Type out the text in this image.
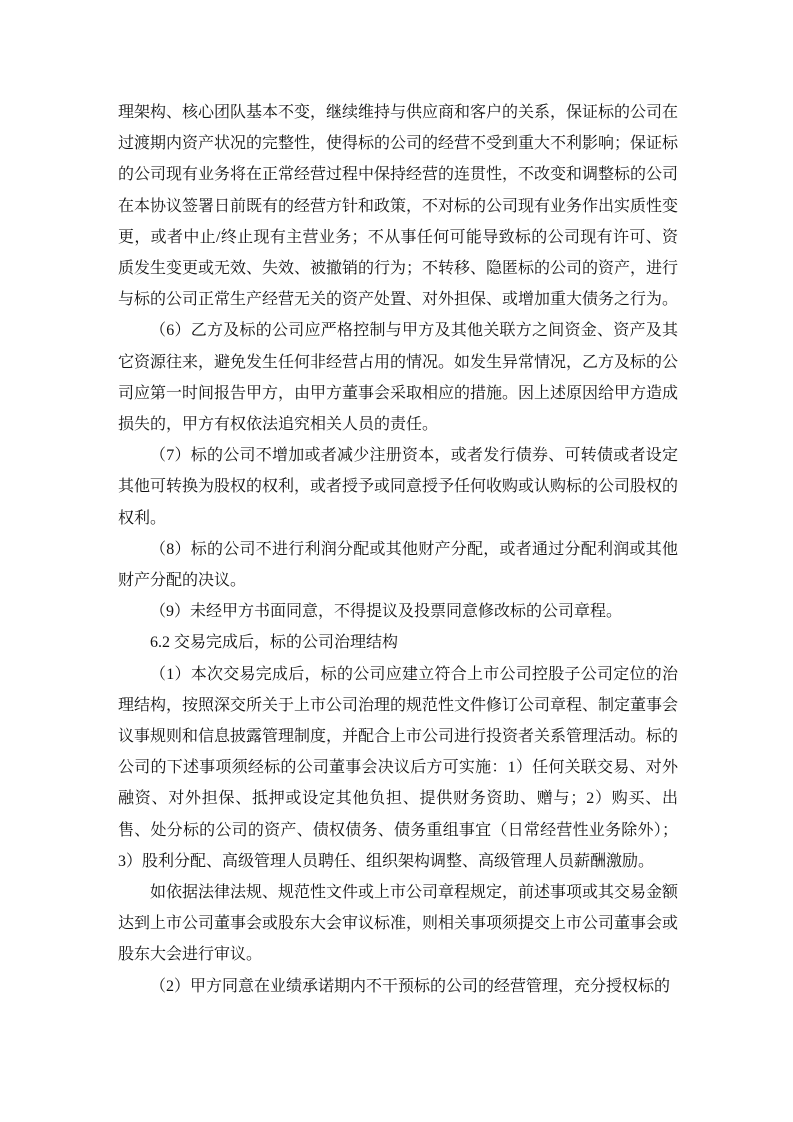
理架构、核心团队基本不变，继续维持与供应商和客户的关系，保证标的公司在过渡期内资产状况的完整性，使得标的公司的经营不受到重大不利影响；保证标的公司现有业务将在正常经营过程中保持经营的连贯性，不改变和调整标的公司在本协议签署日前既有的经营方针和政策，不对标的公司现有业务作出实质性变更，或者中止/终止现有主营业务；不从事任何可能导致标的公司现有许可、资质发生变更或无效、失效、被撤销的行为；不转移、隐匿标的公司的资产，进行与标的公司正常生产经营无关的资产处置、对外担保、或增加重大债务之行为。

（6）乙方及标的公司应严格控制与甲方及其他关联方之间资金、资产及其它资源往来，避免发生任何非经营占用的情况。如发生异常情况，乙方及标的公司应第一时间报告甲方，由甲方董事会采取相应的措施。因上述原因给甲方造成损失的，甲方有权依法追究相关人员的责任。

（7）标的公司不增加或者减少注册资本，或者发行债券、可转债或者设定其他可转换为股权的权利，或者授予或同意授予任何收购或认购标的公司股权的权利。

（8）标的公司不进行利润分配或其他财产分配，或者通过分配利润或其他财产分配的决议。

（9）未经甲方书面同意，不得提议及投票同意修改标的公司章程。

6.2 交易完成后，标的公司治理结构

（1）本次交易完成后，标的公司应建立符合上市公司控股子公司定位的治理结构，按照深交所关于上市公司治理的规范性文件修订公司章程、制定董事会议事规则和信息披露管理制度，并配合上市公司进行投资者关系管理活动。标的公司的下述事项须经标的公司董事会决议后方可实施：1）任何关联交易、对外融资、对外担保、抵押或设定其他负担、提供财务资助、赠与；2）购买、出售、处分标的公司的资产、债权债务、债务重组事宜（日常经营性业务除外）；3）股利分配、高级管理人员聘任、组织架构调整、高级管理人员薪酬激励。

如依据法律法规、规范性文件或上市公司章程规定，前述事项或其交易金额达到上市公司董事会或股东大会审议标准，则相关事项须提交上市公司董事会或股东大会进行审议。

（2）甲方同意在业绩承诺期内不干预标的公司的经营管理，充分授权标的
